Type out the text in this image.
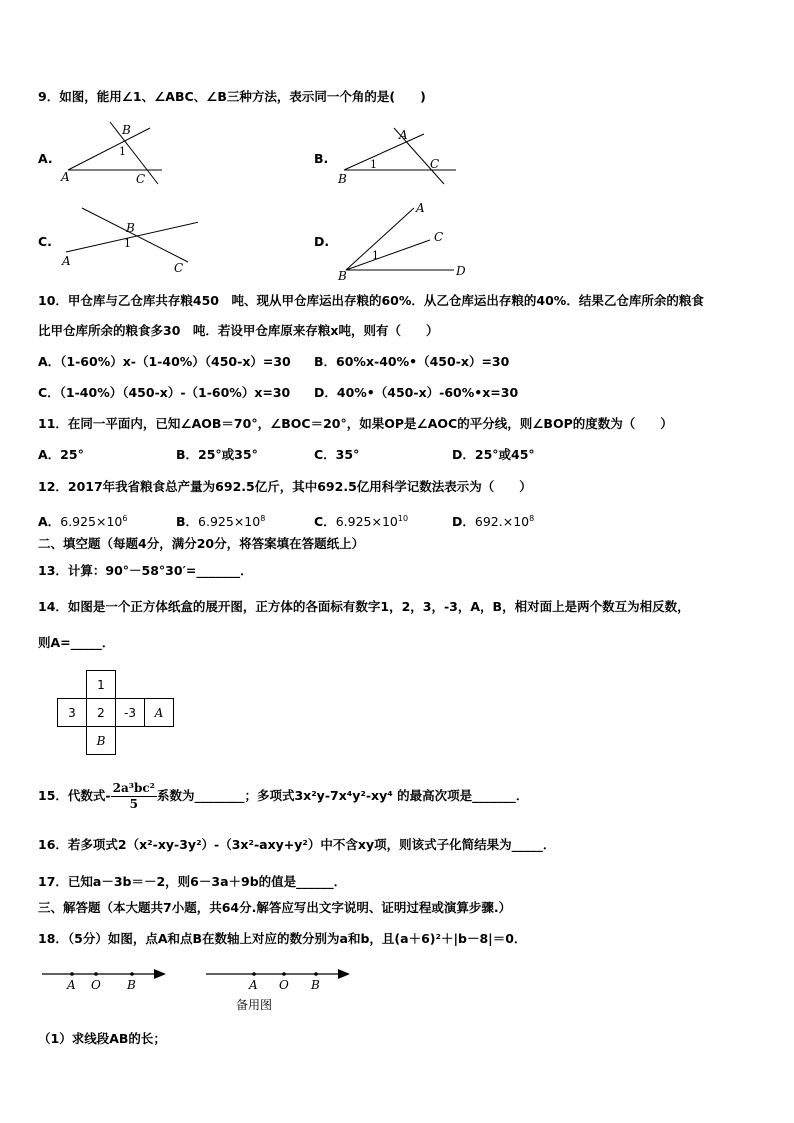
9．如图，能用∠1、∠ABC、∠B三种方法，表示同一个角的是(　　)
A.
B
1
A	C
B.
A
1	C
B
C.
B
1
A	C
D.
A
C
1
B	D
10．甲仓库与乙仓库共存粮450　吨、现从甲仓库运出存粮的60%．从乙仓库运出存粮的40%．结果乙仓库所余的粮食
比甲仓库所余的粮食多30　吨．若设甲仓库原来存粮x吨，则有（　　）
A．（1-60%）x-（1-40%）（450-x）=30 B．60%x-40%•（450-x）=30
C．（1-40%）（450-x）-（1-60%）x=30 D．40%•（450-x）-60%•x=30
11．在同一平面内，已知∠AOB＝70°，∠BOC＝20°，如果OP是∠AOC的平分线，则∠BOP的度数为（　　）
A．25°	B．25°或35°	C．35°	D．25°或45°
12．2017年我省粮食总产量为692.5亿斤，其中692.5亿用科学记数法表示为（　　）
A．$6.925\times 10^6$	B．$6.925\times 10^8$	C．$6.925\times 10^{10}$	D．$692.\times 10^8$
二、填空题（每题4分，满分20分，将答案填在答题纸上）
13．计算：90°－58°30′=_______．
14．如图是一个正方体纸盒的展开图，正方体的各面标有数字1，2，3，-3，A，B，相对面上是两个数互为相反数，
则A=_____．
	1		
3	2	-3	A
	B		
15．代数式- $\frac{\text{2a³bc²}}{5}$ 系数为________；多项式3x²y-7x⁴y²-xy⁴ 的最高次项是_______．
16．若多项式2（x²-xy-3y²）-（3x²-axy+y²）中不含xy项，则该式子化简结果为_____．
17．已知a－3b＝－2，则6－3a＋9b的值是______．
三、解答题（本大题共7小题，共64分.解答应写出文字说明、证明过程或演算步骤.）
18．（5分）如图，点A和点B在数轴上对应的数分别为a和b，且(a＋6)²＋|b－8|＝0．
A O B	A O B
备用图
（1）求线段AB的长；
